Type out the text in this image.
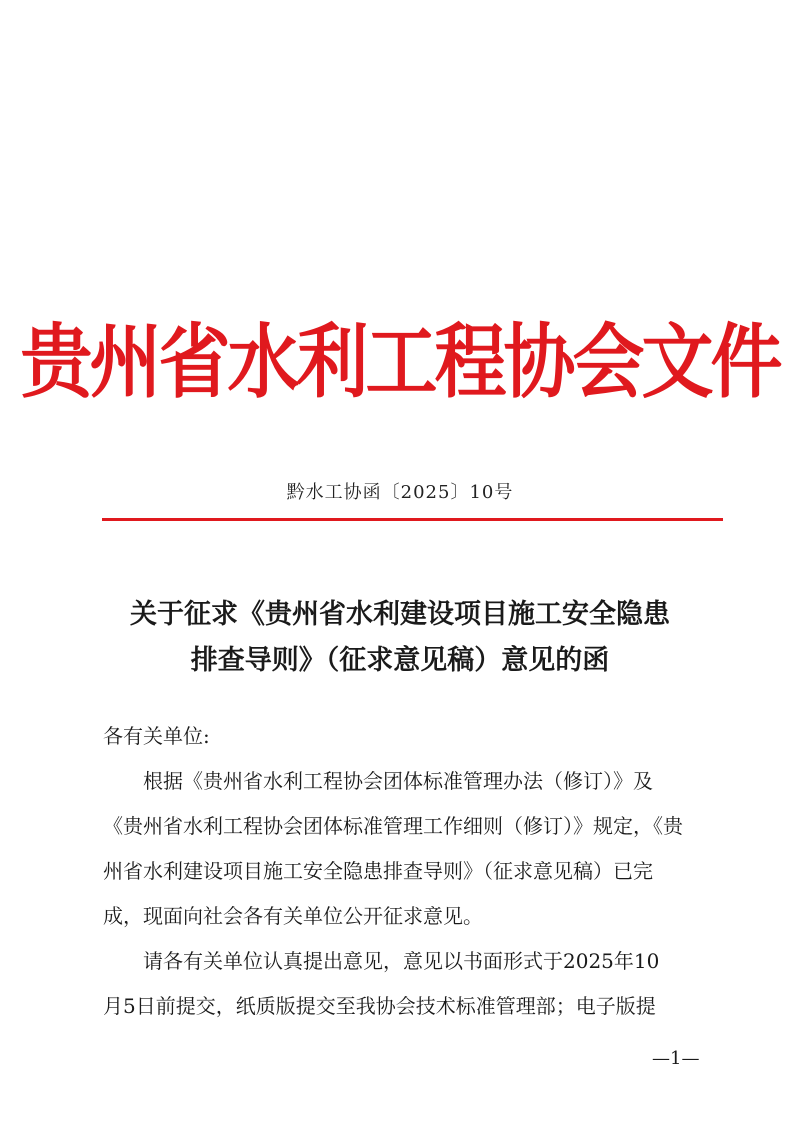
贵州省水利工程协会文件
黔水工协函〔2025〕10号
关于征求《贵州省水利建设项目施工安全隐患
排查导则》（征求意见稿）意见的函
各有关单位:
根据《贵州省水利工程协会团体标准管理办法（修订）》及
《贵州省水利工程协会团体标准管理工作细则（修订）》规定，《贵
州省水利建设项目施工安全隐患排查导则》（征求意见稿）已完
成，现面向社会各有关单位公开征求意见。
请各有关单位认真提出意见，意见以书面形式于2025年10
月5日前提交，纸质版提交至我协会技术标准管理部；电子版提
—1—
